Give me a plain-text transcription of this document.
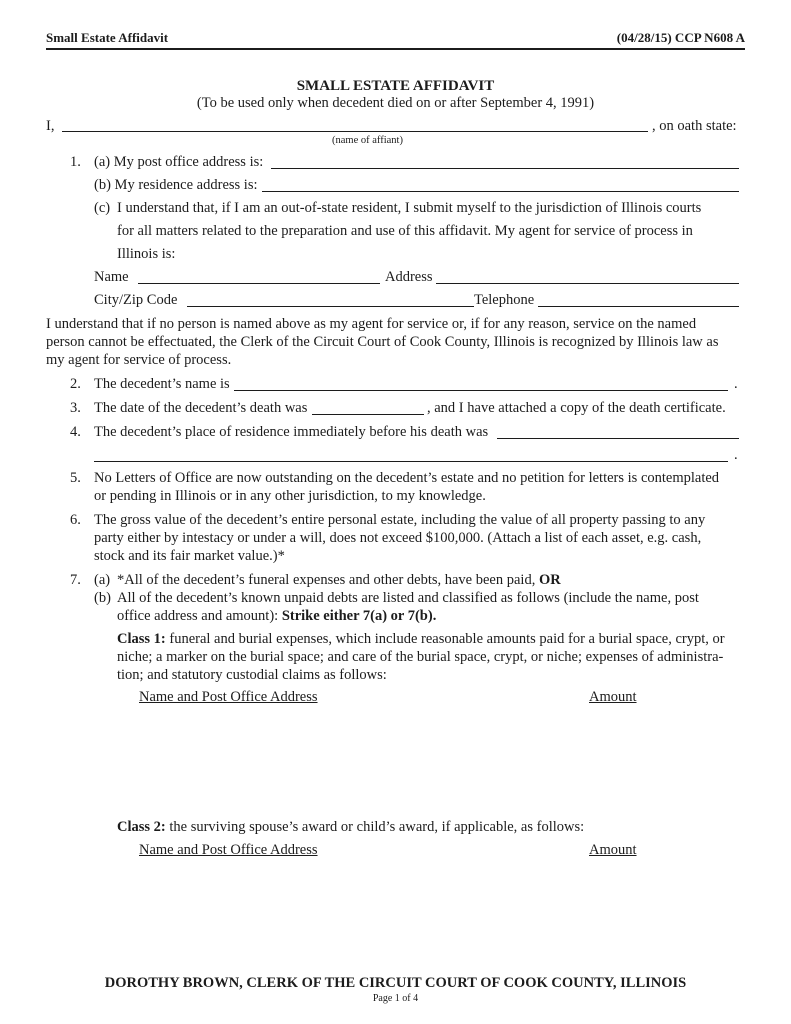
Small Estate Affidavit	(04/28/15) CCP N608 A
SMALL ESTATE AFFIDAVIT
(To be used only when decedent died on or after September 4, 1991)
I,	, on oath state:
(name of affiant)
1. (a) My post office address is:
(b) My residence address is:
(c) I understand that, if I am an out-of-state resident, I submit myself to the jurisdiction of Illinois courts
for all matters related to the preparation and use of this affidavit. My agent for service of process in
Illinois is:
Name	Address
City/Zip Code	Telephone
I understand that if no person is named above as my agent for service or, if for any reason, service on the named
person cannot be effectuated, the Clerk of the Circuit Court of Cook County, Illinois is recognized by Illinois law as
my agent for service of process.
2. The decedent’s name is	.
3. The date of the decedent’s death was	, and I have attached a copy of the death certificate.
4. The decedent’s place of residence immediately before his death was
.
5. No Letters of Office are now outstanding on the decedent’s estate and no petition for letters is contemplated
or pending in Illinois or in any other jurisdiction, to my knowledge.
6. The gross value of the decedent’s entire personal estate, including the value of all property passing to any
party either by intestacy or under a will, does not exceed $100,000. (Attach a list of each asset, e.g. cash,
stock and its fair market value.)*
7. (a) *All of the decedent’s funeral expenses and other debts, have been paid, OR
(b) All of the decedent’s known unpaid debts are listed and classified as follows (include the name, post
office address and amount): Strike either 7(a) or 7(b).
Class 1: funeral and burial expenses, which include reasonable amounts paid for a burial space, crypt, or
niche; a marker on the burial space; and care of the burial space, crypt, or niche; expenses of administra-
tion; and statutory custodial claims as follows:
Name and Post Office Address	Amount
Class 2: the surviving spouse’s award or child’s award, if applicable, as follows:
Name and Post Office Address	Amount
DOROTHY BROWN, CLERK OF THE CIRCUIT COURT OF COOK COUNTY, ILLINOIS
Page 1 of 4
